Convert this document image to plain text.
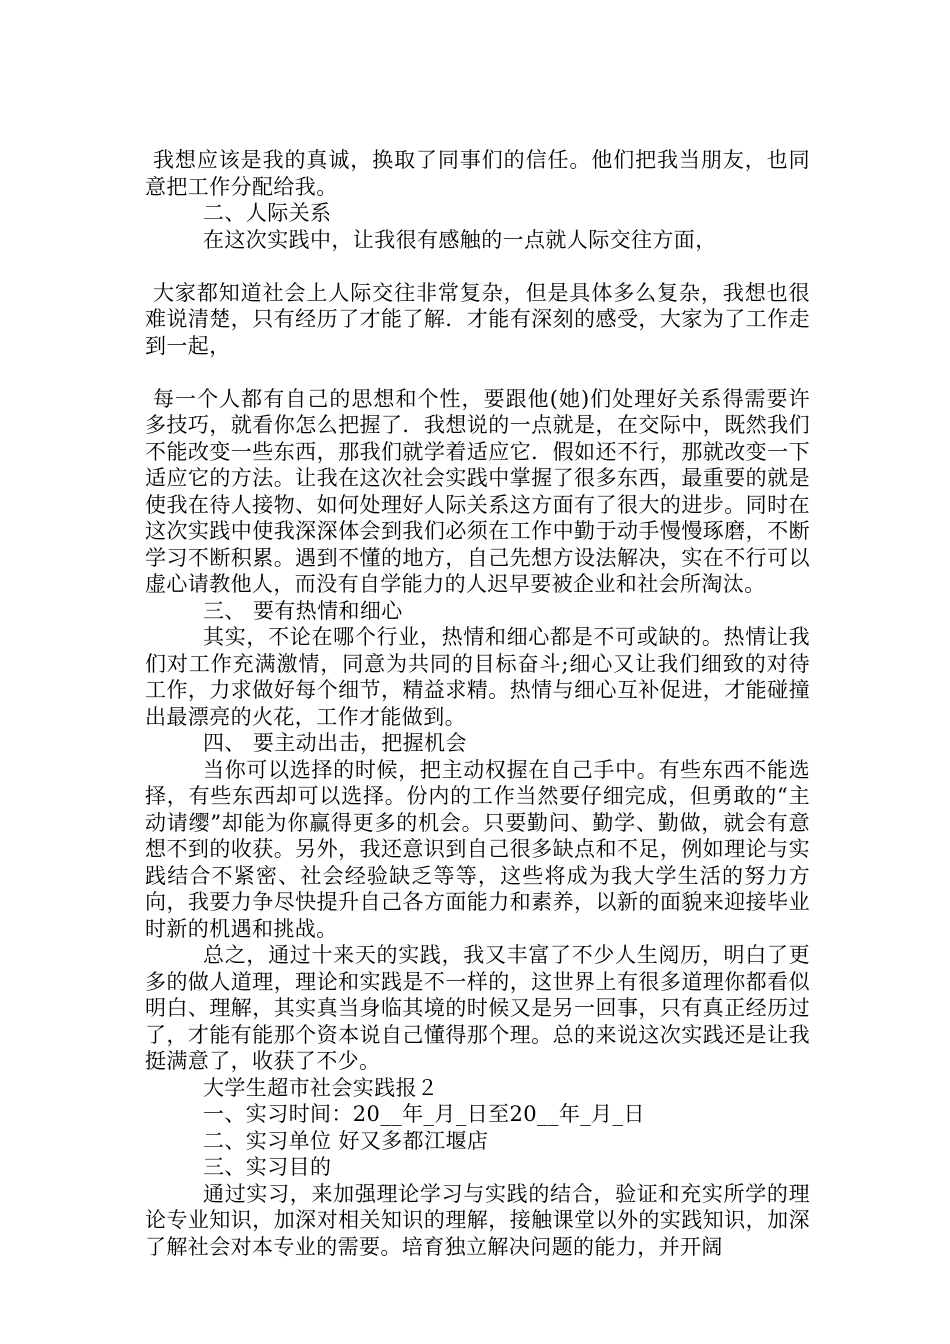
我想应该是我的真诚，换取了同事们的信任。他们把我当朋友，也同意把工作分配给我。

二、人际关系

在这次实践中，让我很有感触的一点就人际交往方面，

大家都知道社会上人际交往非常复杂，但是具体多么复杂，我想也很难说清楚，只有经历了才能了解．才能有深刻的感受，大家为了工作走到一起，

每一个人都有自己的思想和个性，要跟他(她)们处理好关系得需要许多技巧，就看你怎么把握了．我想说的一点就是，在交际中，既然我们不能改变一些东西，那我们就学着适应它．假如还不行，那就改变一下适应它的方法。让我在这次社会实践中掌握了很多东西，最重要的就是使我在待人接物、如何处理好人际关系这方面有了很大的进步。同时在这次实践中使我深深体会到我们必须在工作中勤于动手慢慢琢磨，不断学习不断积累。遇到不懂的地方，自己先想方设法解决，实在不行可以虚心请教他人，而没有自学能力的人迟早要被企业和社会所淘汰。

三、 要有热情和细心

其实，不论在哪个行业，热情和细心都是不可或缺的。热情让我们对工作充满激情，同意为共同的目标奋斗;细心又让我们细致的对待工作，力求做好每个细节，精益求精。热情与细心互补促进，才能碰撞出最漂亮的火花，工作才能做到。

四、 要主动出击，把握机会

当你可以选择的时候，把主动权握在自己手中。有些东西不能选择，有些东西却可以选择。份内的工作当然要仔细完成，但勇敢的“主动请缨”却能为你赢得更多的机会。只要勤问、勤学、勤做，就会有意想不到的收获。另外，我还意识到自己很多缺点和不足，例如理论与实践结合不紧密、社会经验缺乏等等，这些将成为我大学生活的努力方向，我要力争尽快提升自己各方面能力和素养，以新的面貌来迎接毕业时新的机遇和挑战。

总之，通过十来天的实践，我又丰富了不少人生阅历，明白了更多的做人道理，理论和实践是不一样的，这世界上有很多道理你都看似明白、理解，其实真当身临其境的时候又是另一回事，只有真正经历过了，才能有能那个资本说自己懂得那个理。总的来说这次实践还是让我挺满意了，收获了不少。

大学生超市社会实践报２

一、实习时间：20__年_月_日至20__年_月_日

二、实习单位 好又多都江堰店

三、实习目的

通过实习，来加强理论学习与实践的结合，验证和充实所学的理论专业知识，加深对相关知识的理解，接触课堂以外的实践知识，加深了解社会对本专业的需要。培育独立解决问题的能力，并开阔
